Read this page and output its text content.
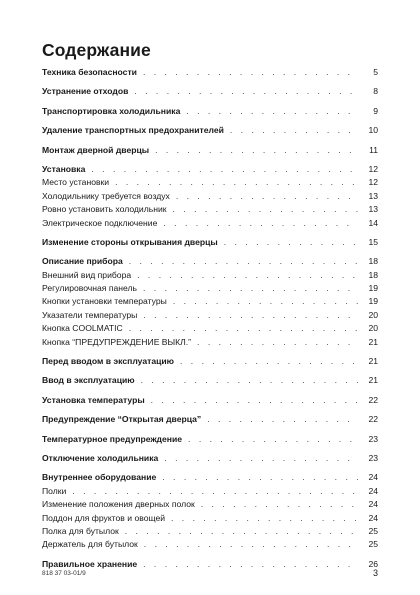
Содержание
Техника безопасности . . .	5
Устранение отходов . . .	8
Транспортировка холодильника . . .	9
Удаление транспортных предохранителей . . .	10
Монтаж дверной дверцы . . .	11
Установка . . .	12
Место установки . . .	12
Холодильнику требуется воздух . . .	13
Ровно установить холодильник . . .	13
Электрическое подключение . . .	14
Изменение стороны открывания дверцы . . .	15
Описание прибора . . .	18
Внешний вид прибора . . .	18
Регулировочная панель . . .	19
Кнопки установки температуры . . .	19
Указатели температуры . . .	20
Кнопка COOLMATIC . . .	20
Кнопка “ПРЕДУПРЕЖДЕНИЕ ВЫКЛ.” . . .	21
Перед вводом в эксплуатацию . . .	21
Ввод в эксплуатацию . . .	21
Установка температуры . . .	22
Предупреждение “Открытая дверца” . . .	22
Температурное предупреждение . . .	23
Отключение холодильника . . .	23
Внутреннее оборудование . . .	24
Полки . . .	24
Изменение положения дверных полок . . .	24
Поддон для фруктов и овощей . . .	24
Полка для бутылок . . .	25
Держатель для бутылок . . .	25
Правильное хранение . . .	26
818 37 03-01/9	3
